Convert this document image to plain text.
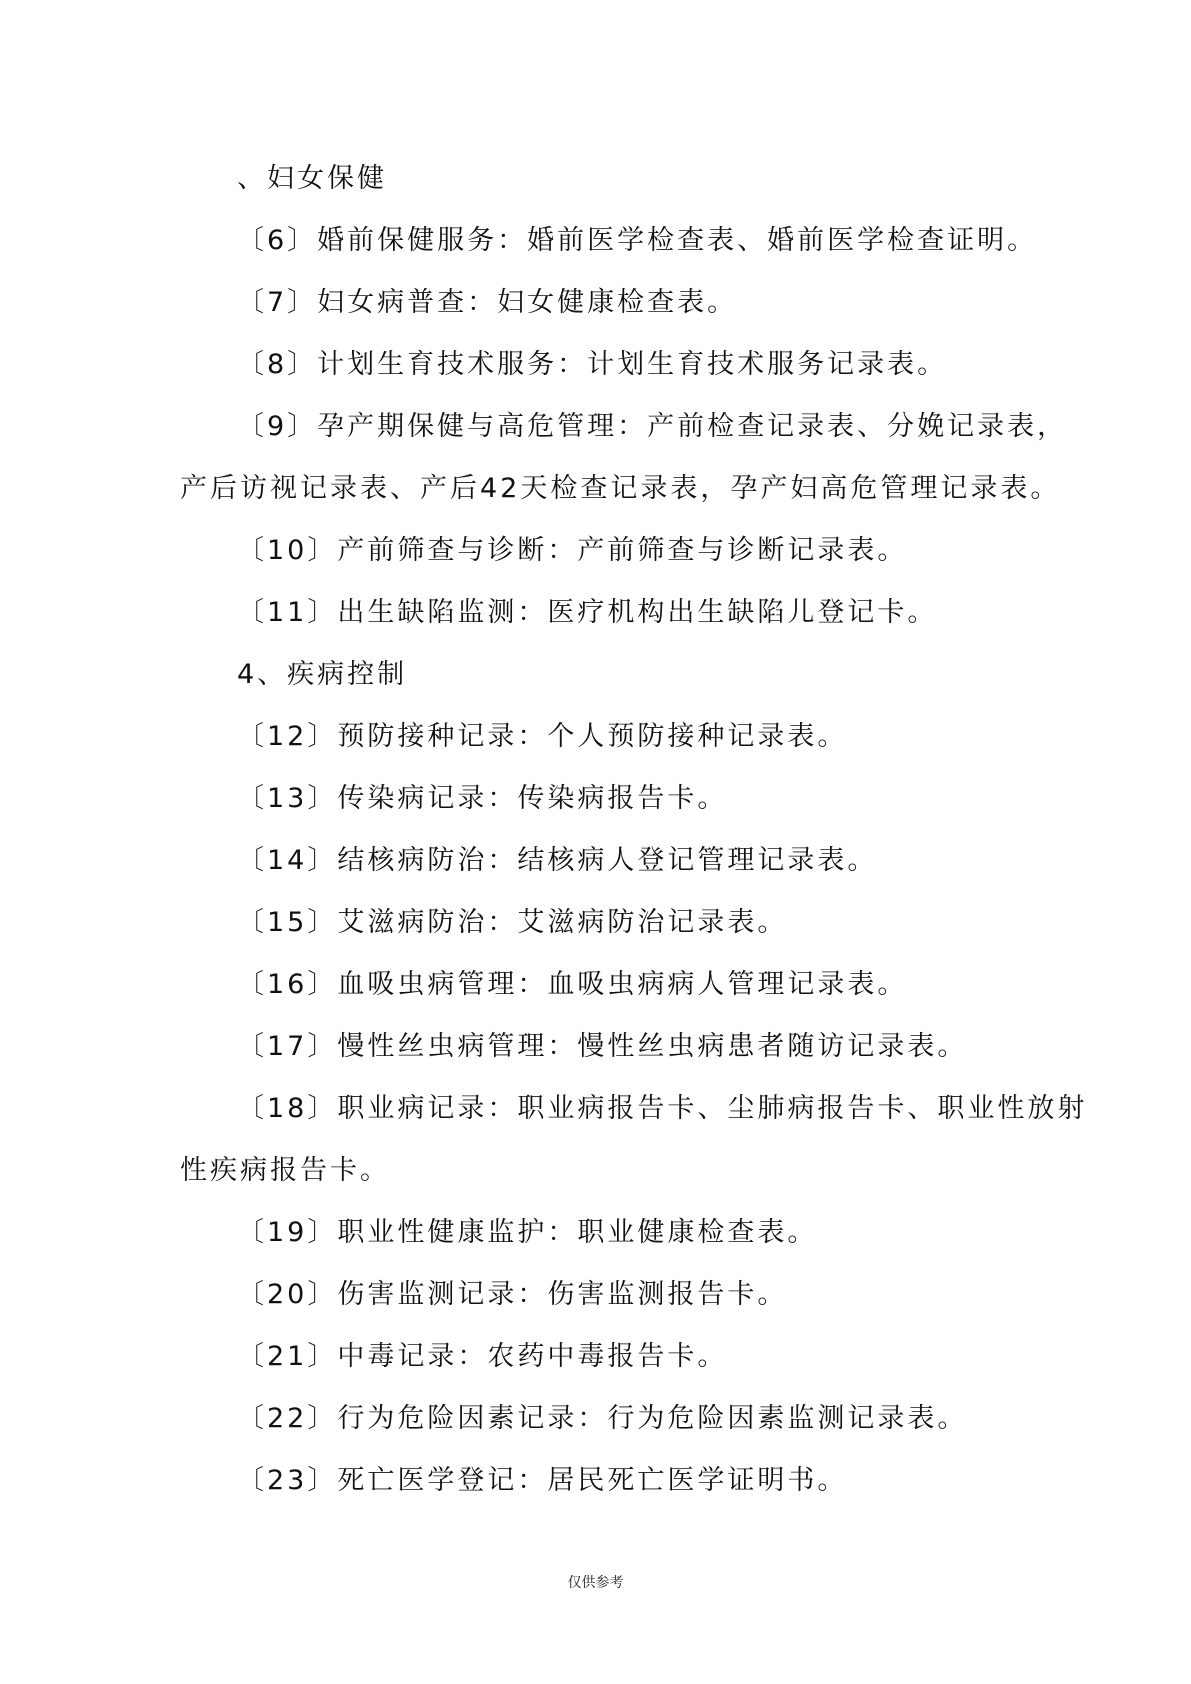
、妇女保健

〔6〕婚前保健服务：婚前医学检查表、婚前医学检查证明。

〔7〕妇女病普查：妇女健康检查表。

〔8〕计划生育技术服务：计划生育技术服务记录表。

〔9〕孕产期保健与高危管理：产前检查记录表、分娩记录表，

产后访视记录表、产后42天检查记录表，孕产妇高危管理记录表。

〔10〕产前筛查与诊断：产前筛查与诊断记录表。

〔11〕出生缺陷监测：医疗机构出生缺陷儿登记卡。

4、疾病控制

〔12〕预防接种记录：个人预防接种记录表。

〔13〕传染病记录：传染病报告卡。

〔14〕结核病防治：结核病人登记管理记录表。

〔15〕艾滋病防治：艾滋病防治记录表。

〔16〕血吸虫病管理：血吸虫病病人管理记录表。

〔17〕慢性丝虫病管理：慢性丝虫病患者随访记录表。

〔18〕职业病记录：职业病报告卡、尘肺病报告卡、职业性放射

性疾病报告卡。

〔19〕职业性健康监护：职业健康检查表。

〔20〕伤害监测记录：伤害监测报告卡。

〔21〕中毒记录：农药中毒报告卡。

〔22〕行为危险因素记录：行为危险因素监测记录表。

〔23〕死亡医学登记：居民死亡医学证明书。

仅供参考
